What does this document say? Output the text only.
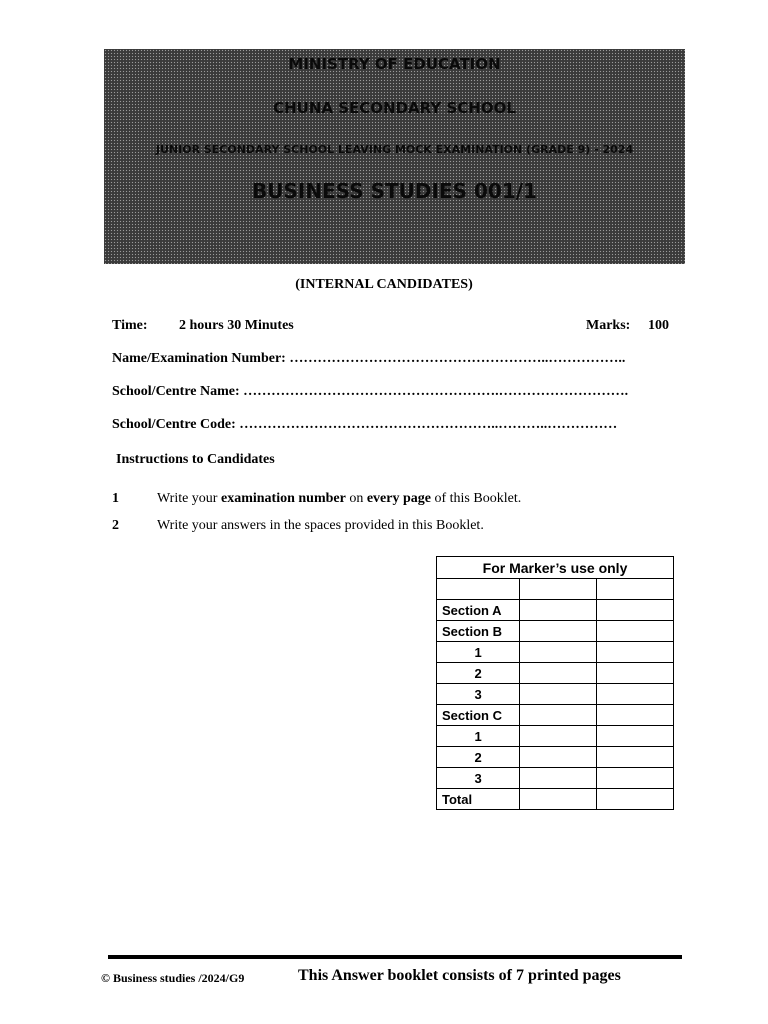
MINISTRY OF EDUCATION
CHUNA SECONDARY SCHOOL
JUNIOR SECONDARY SCHOOL LEAVING MOCK EXAMINATION (GRADE 9) - 2024
BUSINESS STUDIES 001/1
(INTERNAL CANDIDATES)
Time: 2 hours 30 Minutes	Marks: 100
Name/Examination Number: ………………………………………………..……………..
School/Centre Name: ……………………………………………….……………………….
School/Centre Code: ………………………………………………..………..……………
Instructions to Candidates
1	Write your examination number on every page of this Booklet.
2	Write your answers in the spaces provided in this Booklet.
For Marker’s use only		

Section A		
Section B		
1		
2		
3		
Section C		
1		
2		
3		
Total		
© Business studies /2024/G9	This Answer booklet consists of 7 printed pages
